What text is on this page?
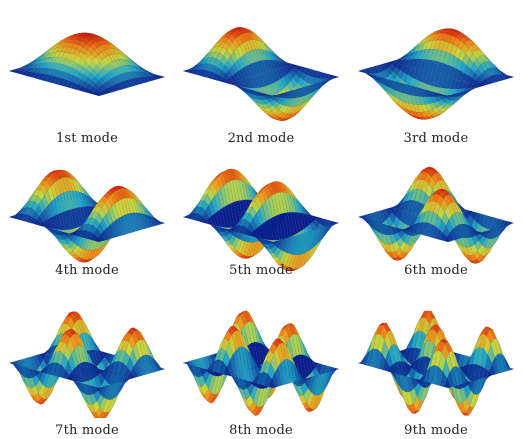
1st mode	2nd mode	3rd mode
4th mode	5th mode	6th mode
7th mode	8th mode	9th mode
